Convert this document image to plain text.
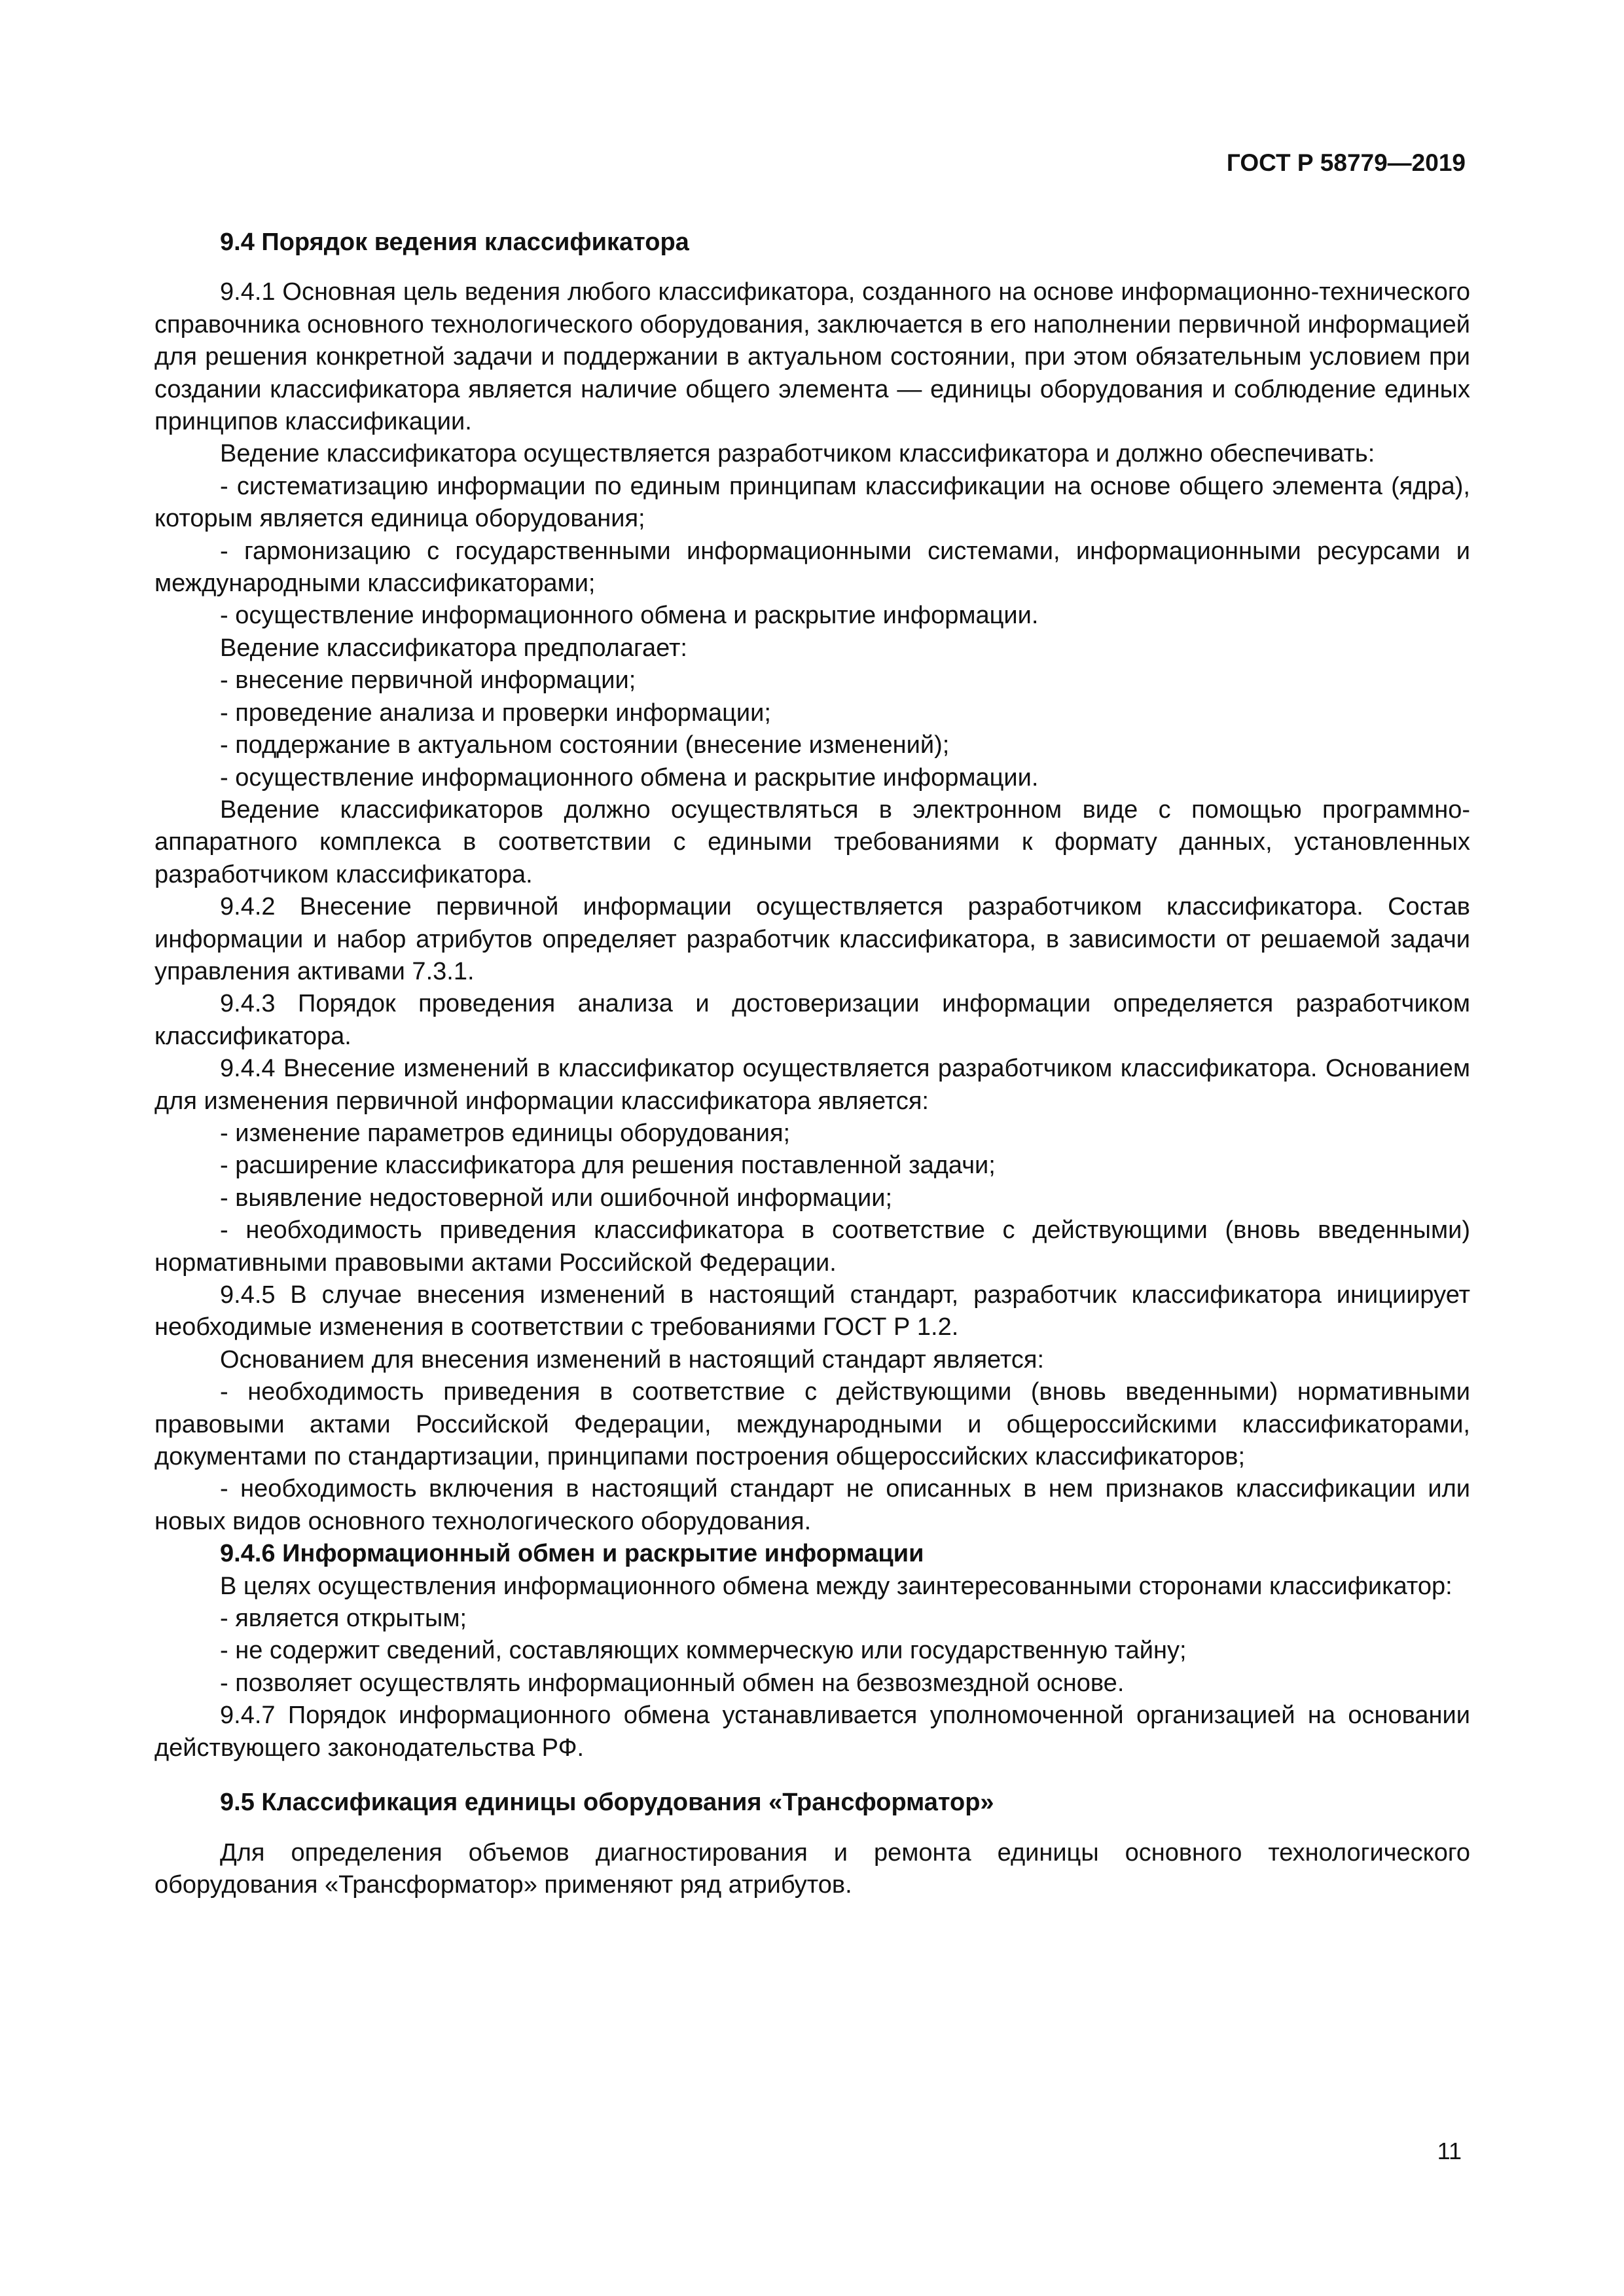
ГОСТ Р 58779—2019

9.4 Порядок ведения классификатора

9.4.1 Основная цель ведения любого классификатора, созданного на основе информационно-технического справочника основного технологического оборудования, заключается в его наполнении первичной информацией для решения конкретной задачи и поддержании в актуальном состоянии, при этом обязательным условием при создании классификатора является наличие общего элемента — единицы оборудования и соблюдение единых принципов классификации.

Ведение классификатора осуществляется разработчиком классификатора и должно обеспечивать:

- систематизацию информации по единым принципам классификации на основе общего элемента (ядра), которым является единица оборудования;

- гармонизацию с государственными информационными системами, информационными ресурсами и международными классификаторами;

- осуществление информационного обмена и раскрытие информации.

Ведение классификатора предполагает:

- внесение первичной информации;

- проведение анализа и проверки информации;

- поддержание в актуальном состоянии (внесение изменений);

- осуществление информационного обмена и раскрытие информации.

Ведение классификаторов должно осуществляться в электронном виде с помощью программно-аппаратного комплекса в соответствии с едиными требованиями к формату данных, установленных разработчиком классификатора.

9.4.2 Внесение первичной информации осуществляется разработчиком классификатора. Состав информации и набор атрибутов определяет разработчик классификатора, в зависимости от решаемой задачи управления активами 7.3.1.

9.4.3 Порядок проведения анализа и достоверизации информации определяется разработчиком классификатора.

9.4.4 Внесение изменений в классификатор осуществляется разработчиком классификатора. Основанием для изменения первичной информации классификатора является:

- изменение параметров единицы оборудования;

- расширение классификатора для решения поставленной задачи;

- выявление недостоверной или ошибочной информации;

- необходимость приведения классификатора в соответствие с действующими (вновь введенными) нормативными правовыми актами Российской Федерации.

9.4.5 В случае внесения изменений в настоящий стандарт, разработчик классификатора инициирует необходимые изменения в соответствии с требованиями ГОСТ Р 1.2.

Основанием для внесения изменений в настоящий стандарт является:

- необходимость приведения в соответствие с действующими (вновь введенными) нормативными правовыми актами Российской Федерации, международными и общероссийскими классификаторами, документами по стандартизации, принципами построения общероссийских классификаторов;

- необходимость включения в настоящий стандарт не описанных в нем признаков классификации или новых видов основного технологического оборудования.

9.4.6 Информационный обмен и раскрытие информации

В целях осуществления информационного обмена между заинтересованными сторонами классификатор:

- является открытым;

- не содержит сведений, составляющих коммерческую или государственную тайну;

- позволяет осуществлять информационный обмен на безвозмездной основе.

9.4.7 Порядок информационного обмена устанавливается уполномоченной организацией на основании действующего законодательства РФ.

9.5 Классификация единицы оборудования «Трансформатор»

Для определения объемов диагностирования и ремонта единицы основного технологического оборудования «Трансформатор» применяют ряд атрибутов.

11
